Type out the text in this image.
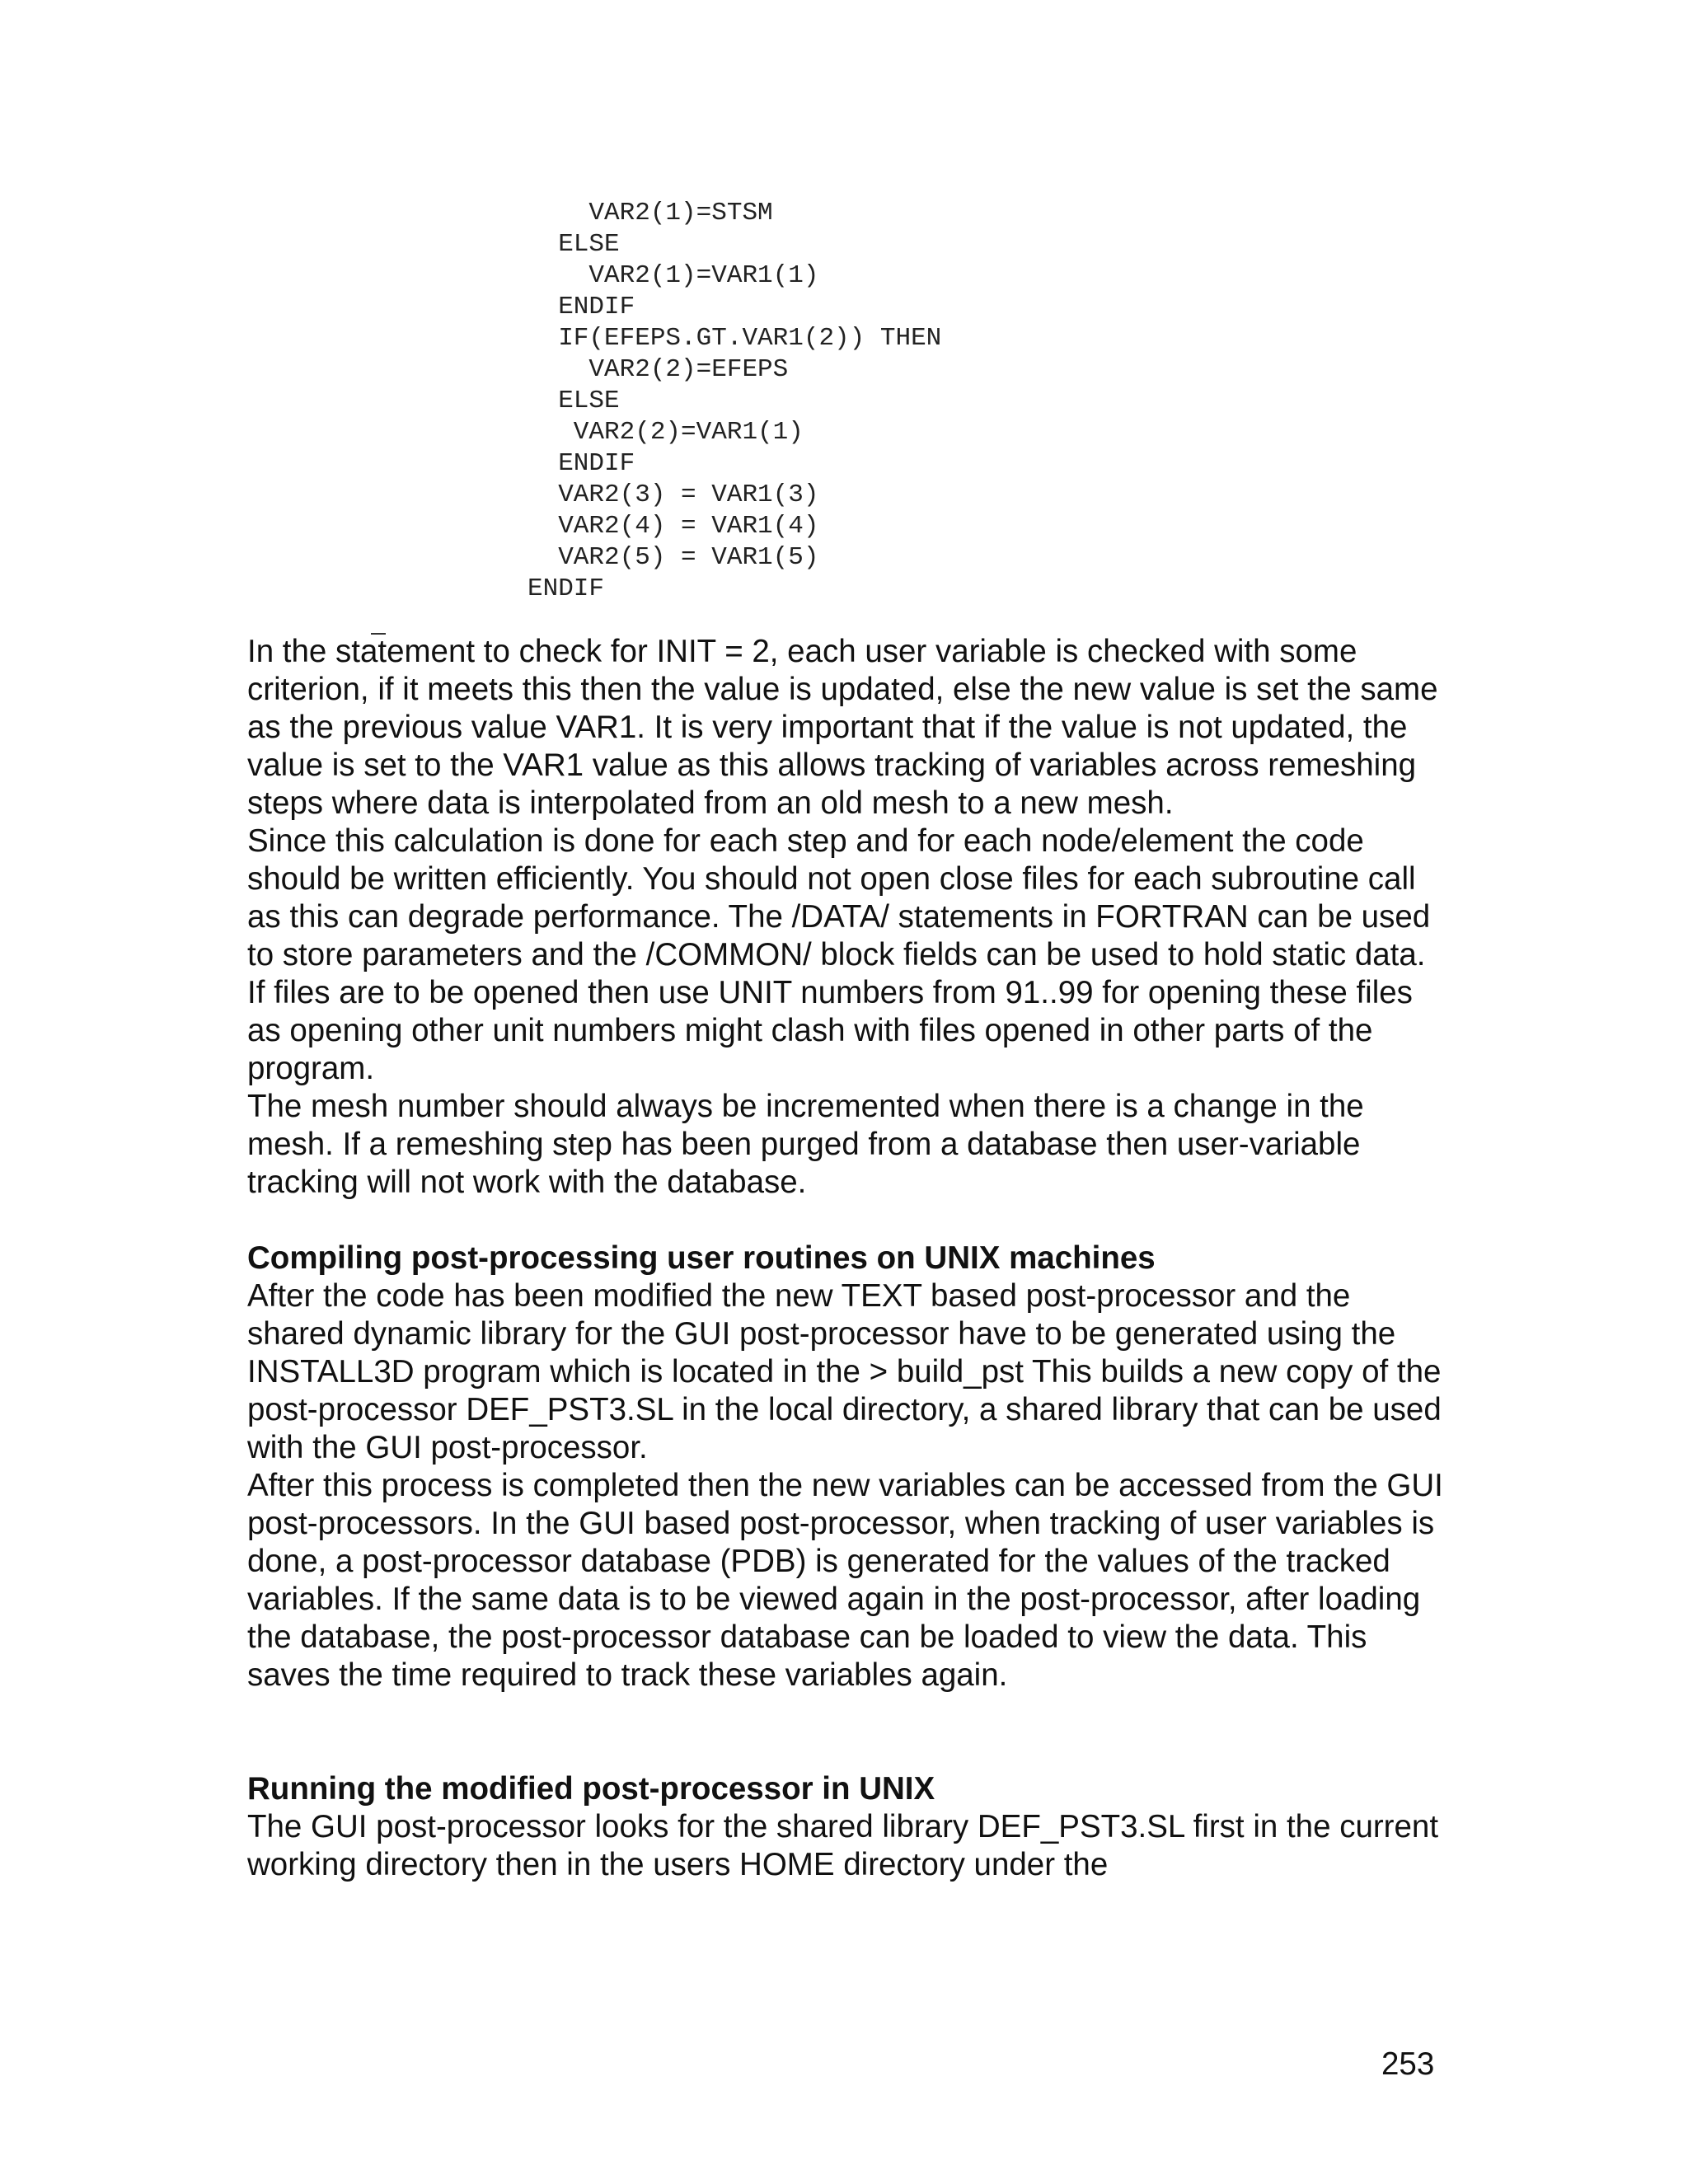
VAR2(1)=STSM
ELSE
VAR2(1)=VAR1(1)
ENDIF
IF(EFEPS.GT.VAR1(2)) THEN
VAR2(2)=EFEPS
ELSE
VAR2(2)=VAR1(1)
ENDIF
VAR2(3) = VAR1(3)
VAR2(4) = VAR1(4)
VAR2(5) = VAR1(5)
ENDIF

In the statement to check for INIT = 2, each user variable is checked with some criterion, if it meets this then the value is updated, else the new value is set the same as the previous value VAR1. It is very important that if the value is not updated, the value is set to the VAR1 value as this allows tracking of variables across remeshing steps where data is interpolated from an old mesh to a new mesh.

Since this calculation is done for each step and for each node/element the code should be written efficiently. You should not open close files for each subroutine call as this can degrade performance. The /DATA/ statements in FORTRAN can be used to store parameters and the /COMMON/ block fields can be used to hold static data. If files are to be opened then use UNIT numbers from 91..99 for opening these files as opening other unit numbers might clash with files opened in other parts of the program.

The mesh number should always be incremented when there is a change in the mesh. If a remeshing step has been purged from a database then user-variable tracking will not work with the database.

Compiling post-processing user routines on UNIX machines

After the code has been modified the new TEXT based post-processor and the shared dynamic library for the GUI post-processor have to be generated using the INSTALL3D program which is located in the > build_pst This builds a new copy of the post-processor DEF_PST3.SL in the local directory, a shared library that can be used with the GUI post-processor.

After this process is completed then the new variables can be accessed from the GUI post-processors. In the GUI based post-processor, when tracking of user variables is done, a post-processor database (PDB) is generated for the values of the tracked variables. If the same data is to be viewed again in the post-processor, after loading the database, the post-processor database can be loaded to view the data. This saves the time required to track these variables again.

Running the modified post-processor in UNIX

The GUI post-processor looks for the shared library DEF_PST3.SL first in the current working directory then in the users HOME directory under the

253
